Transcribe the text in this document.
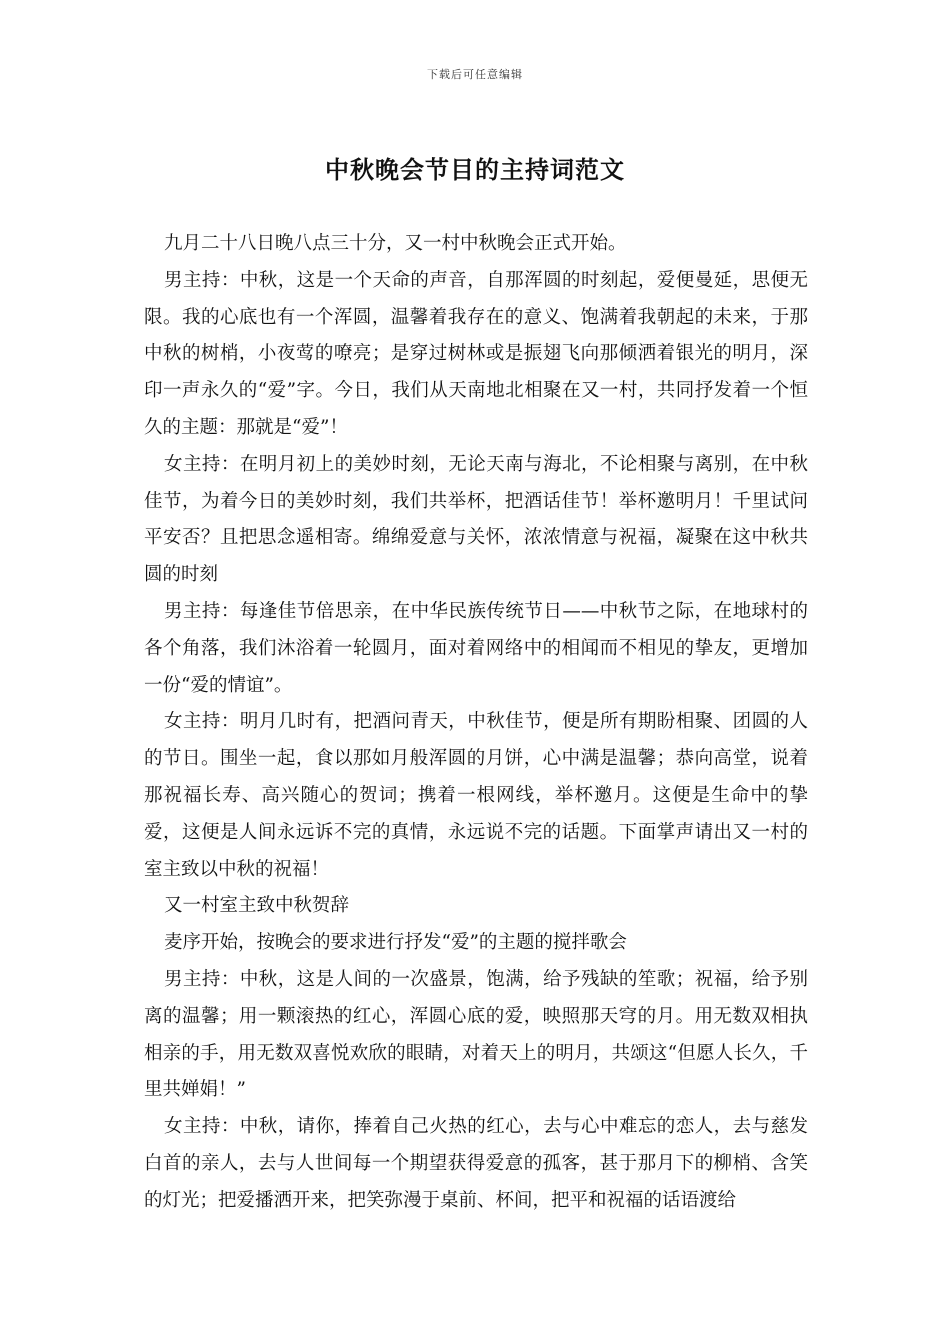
下载后可任意编辑
中秋晚会节目的主持词范文

九月二十八日晚八点三十分，又一村中秋晚会正式开始。

男主持：中秋，这是一个天命的声音，自那浑圆的时刻起，爱便曼延，思便无限。我的心底也有一个浑圆，温馨着我存在的意义、饱满着我朝起的未来，于那中秋的树梢，小夜莺的嘹亮；是穿过树林或是振翅飞向那倾洒着银光的明月，深印一声永久的“爱”字。今日，我们从天南地北相聚在又一村，共同抒发着一个恒久的主题：那就是“爱”！

女主持：在明月初上的美妙时刻，无论天南与海北，不论相聚与离别，在中秋佳节，为着今日的美妙时刻，我们共举杯，把酒话佳节！举杯邀明月！千里试问平安否？且把思念遥相寄。绵绵爱意与关怀，浓浓情意与祝福，凝聚在这中秋共圆的时刻

男主持：每逢佳节倍思亲，在中华民族传统节日——中秋节之际，在地球村的各个角落，我们沐浴着一轮圆月，面对着网络中的相闻而不相见的挚友，更增加一份“爱的情谊”。

女主持：明月几时有，把酒问青天，中秋佳节，便是所有期盼相聚、团圆的人的节日。围坐一起，食以那如月般浑圆的月饼，心中满是温馨；恭向高堂，说着那祝福长寿、高兴随心的贺词；携着一根网线，举杯邀月。这便是生命中的挚爱，这便是人间永远诉不完的真情，永远说不完的话题。下面掌声请出又一村的室主致以中秋的祝福！

又一村室主致中秋贺辞

麦序开始，按晚会的要求进行抒发“爱”的主题的搅拌歌会

男主持：中秋，这是人间的一次盛景，饱满，给予残缺的笙歌；祝福，给予别离的温馨；用一颗滚热的红心，浑圆心底的爱，映照那天穹的月。用无数双相执相亲的手，用无数双喜悦欢欣的眼睛，对着天上的明月，共颂这“但愿人长久，千里共婵娟！”

女主持：中秋，请你，捧着自己火热的红心，去与心中难忘的恋人，去与慈发白首的亲人，去与人世间每一个期望获得爱意的孤客，甚于那月下的柳梢、含笑的灯光；把爱播洒开来，把笑弥漫于桌前、杯间，把平和祝福的话语渡给
